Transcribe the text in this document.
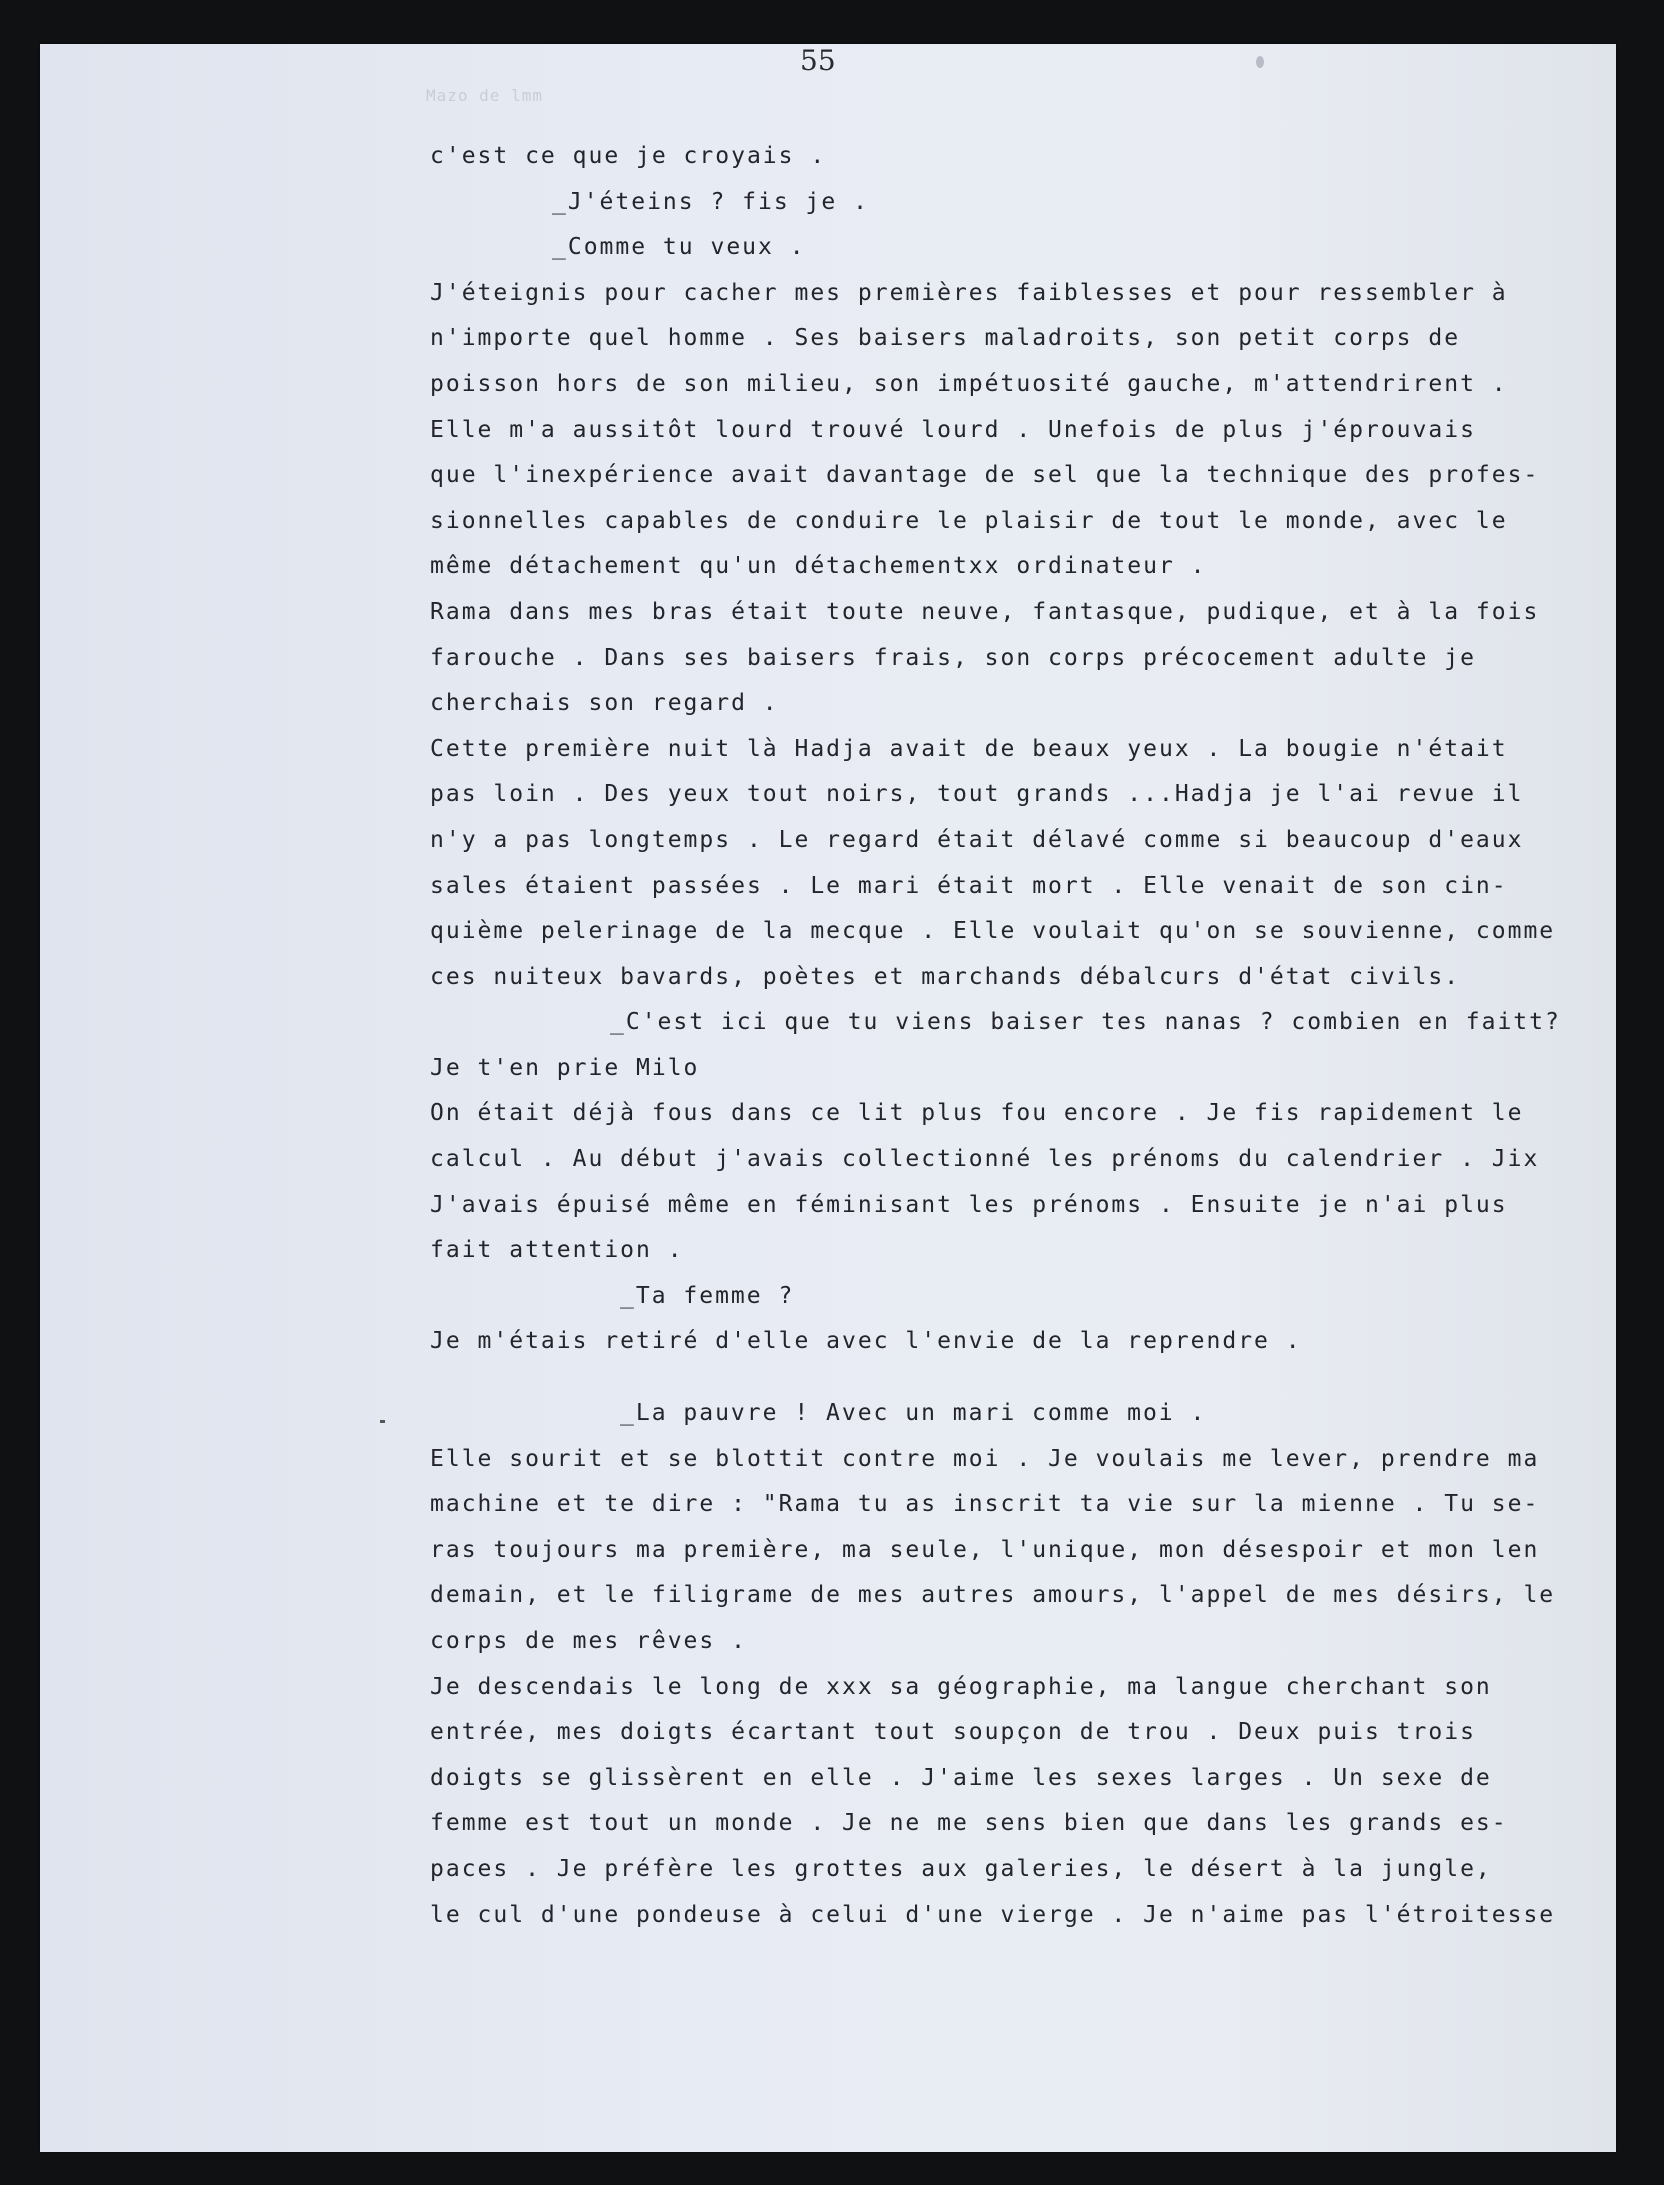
55
Mazo de lmm
c'est ce que je croyais .
_J'éteins ? fis je .
_Comme tu veux .
J'éteignis pour cacher mes premières faiblesses et pour ressembler à
n'importe quel homme . Ses baisers maladroits, son petit corps de
poisson hors de son milieu, son impétuosité gauche, m'attendrirent .
Elle m'a aussitôt lourd trouvé lourd . Unefois de plus j'éprouvais
que l'inexpérience avait davantage de sel que la technique des profes-
sionnelles capables de conduire le plaisir de tout le monde, avec le
même détachement qu'un détachementxx ordinateur .
Rama dans mes bras était toute neuve, fantasque, pudique, et à la fois
farouche . Dans ses baisers frais, son corps précocement adulte je
cherchais son regard .
Cette première nuit là Hadja avait de beaux yeux . La bougie n'était
pas loin . Des yeux tout noirs, tout grands ...Hadja je l'ai revue il
n'y a pas longtemps . Le regard était délavé comme si beaucoup d'eaux
sales étaient passées . Le mari était mort . Elle venait de son cin-
quième pelerinage de la mecque . Elle voulait qu'on se souvienne, comme
ces nuiteux bavards, poètes et marchands débalcurs d'état civils.
_C'est ici que tu viens baiser tes nanas ? combien en faitt?
Je t'en prie Milo
On était déjà fous dans ce lit plus fou encore . Je fis rapidement le
calcul . Au début j'avais collectionné les prénoms du calendrier . Jix
J'avais épuisé même en féminisant les prénoms . Ensuite je n'ai plus
fait attention .
_Ta femme ?
Je m'étais retiré d'elle avec l'envie de la reprendre .
_La pauvre ! Avec un mari comme moi .
Elle sourit et se blottit contre moi . Je voulais me lever, prendre ma
machine et te dire : "Rama tu as inscrit ta vie sur la mienne . Tu se-
ras toujours ma première, ma seule, l'unique, mon désespoir et mon len
demain, et le filigrame de mes autres amours, l'appel de mes désirs, le
corps de mes rêves .
Je descendais le long de xxx sa géographie, ma langue cherchant son
entrée, mes doigts écartant tout soupçon de trou . Deux puis trois
doigts se glissèrent en elle . J'aime les sexes larges . Un sexe de
femme est tout un monde . Je ne me sens bien que dans les grands es-
paces . Je préfère les grottes aux galeries, le désert à la jungle,
le cul d'une pondeuse à celui d'une vierge . Je n'aime pas l'étroitesse
